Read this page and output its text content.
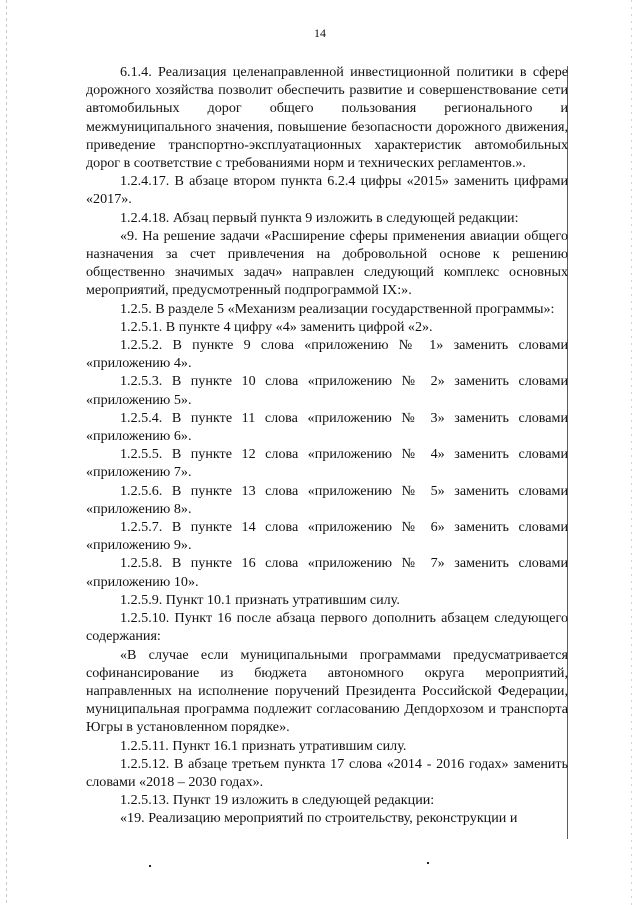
14

6.1.4. Реализация целенаправленной инвестиционной политики в сфере дорожного хозяйства позволит обеспечить развитие и совершенствование сети автомобильных дорог общего пользования регионального и межмуниципального значения, повышение безопасности дорожного движения, приведение транспортно-эксплуатационных характеристик автомобильных дорог в соответствие с требованиями норм и технических регламентов.».

1.2.4.17. В абзаце втором пункта 6.2.4 цифры «2015» заменить цифрами «2017».

1.2.4.18. Абзац первый пункта 9 изложить в следующей редакции:

«9. На решение задачи «Расширение сферы применения авиации общего назначения за счет привлечения на добровольной основе к решению общественно значимых задач» направлен следующий комплекс основных мероприятий, предусмотренный подпрограммой IX:».

1.2.5. В разделе 5 «Механизм реализации государственной программы»:

1.2.5.1. В пункте 4 цифру «4» заменить цифрой «2».

1.2.5.2. В пункте 9 слова «приложению № 1» заменить словами «приложению 4».

1.2.5.3. В пункте 10 слова «приложению № 2» заменить словами «приложению 5».

1.2.5.4. В пункте 11 слова «приложению № 3» заменить словами «приложению 6».

1.2.5.5. В пункте 12 слова «приложению № 4» заменить словами «приложению 7».

1.2.5.6. В пункте 13 слова «приложению № 5» заменить словами «приложению 8».

1.2.5.7. В пункте 14 слова «приложению № 6» заменить словами «приложению 9».

1.2.5.8. В пункте 16 слова «приложению № 7» заменить словами «приложению 10».

1.2.5.9. Пункт 10.1 признать утратившим силу.

1.2.5.10. Пункт 16 после абзаца первого дополнить абзацем следующего содержания:

«В случае если муниципальными программами предусматривается софинансирование из бюджета автономного округа мероприятий, направленных на исполнение поручений Президента Российской Федерации, муниципальная программа подлежит согласованию Депдорхозом и транспорта Югры в установленном порядке».

1.2.5.11. Пункт 16.1 признать утратившим силу.

1.2.5.12. В абзаце третьем пункта 17 слова «2014 - 2016 годах» заменить словами «2018 – 2030 годах».

1.2.5.13. Пункт 19 изложить в следующей редакции:

«19. Реализацию мероприятий по строительству, реконструкции и
